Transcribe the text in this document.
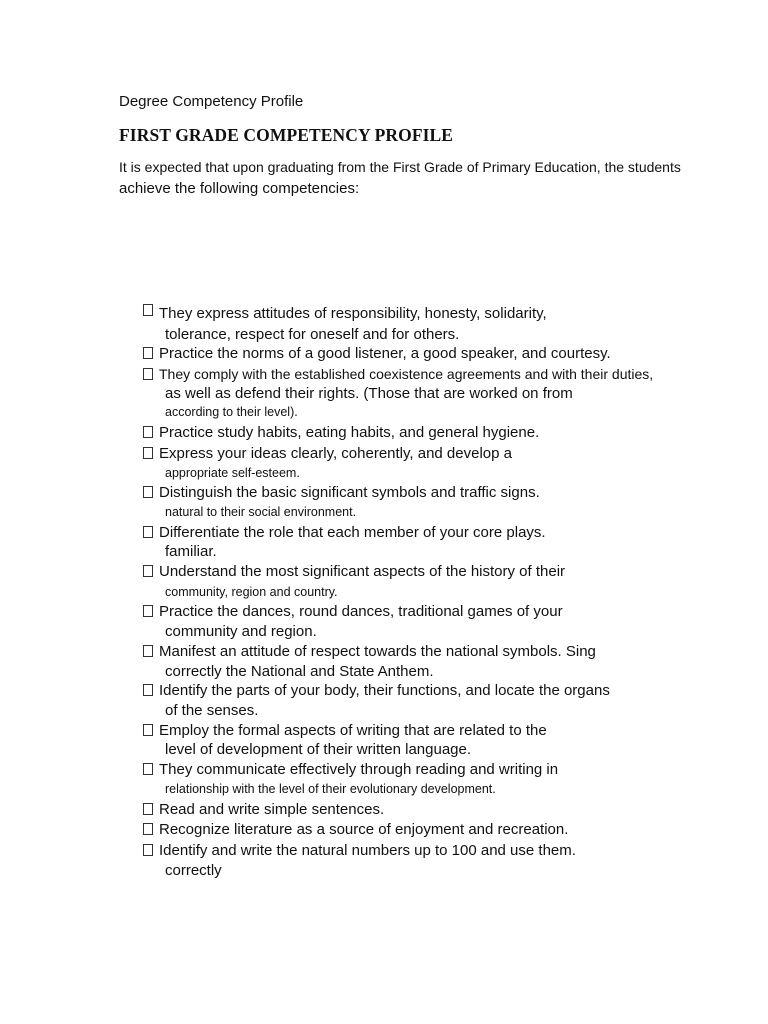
Degree Competency Profile
FIRST GRADE COMPETENCY PROFILE
It is expected that upon graduating from the First Grade of Primary Education, the students
achieve the following competencies:
They express attitudes of responsibility, honesty, solidarity,
tolerance, respect for oneself and for others.
Practice the norms of a good listener, a good speaker, and courtesy.
They comply with the established coexistence agreements and with their duties,
as well as defend their rights. (Those that are worked on from
according to their level).
Practice study habits, eating habits, and general hygiene.
Express your ideas clearly, coherently, and develop a
appropriate self-esteem.
Distinguish the basic significant symbols and traffic signs.
natural to their social environment.
Differentiate the role that each member of your core plays.
familiar.
Understand the most significant aspects of the history of their
community, region and country.
Practice the dances, round dances, traditional games of your
community and region.
Manifest an attitude of respect towards the national symbols. Sing
correctly the National and State Anthem.
Identify the parts of your body, their functions, and locate the organs
of the senses.
Employ the formal aspects of writing that are related to the
level of development of their written language.
They communicate effectively through reading and writing in
relationship with the level of their evolutionary development.
Read and write simple sentences.
Recognize literature as a source of enjoyment and recreation.
Identify and write the natural numbers up to 100 and use them.
correctly
